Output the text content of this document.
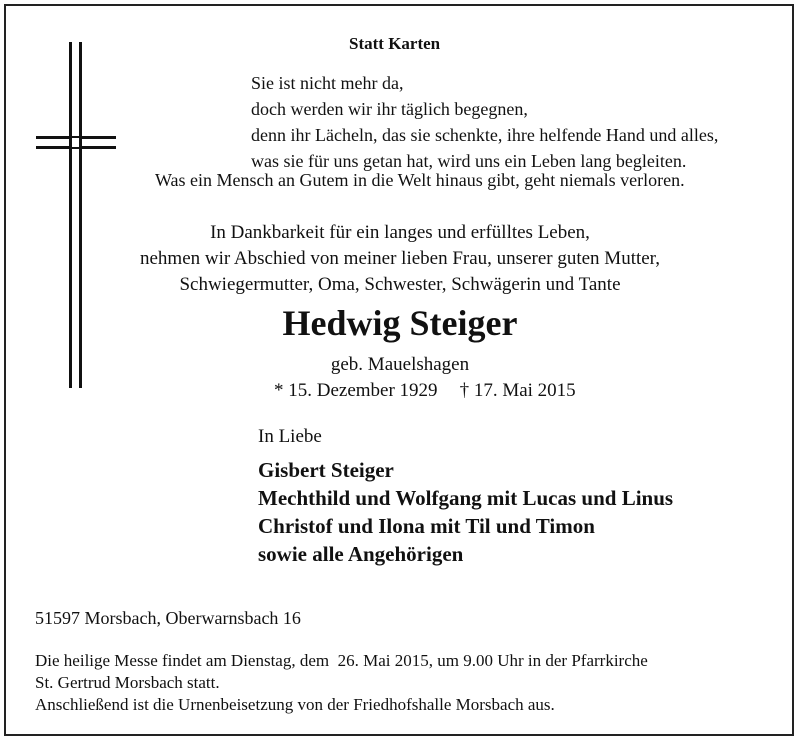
Statt Karten
Sie ist nicht mehr da,
doch werden wir ihr täglich begegnen,
denn ihr Lächeln, das sie schenkte, ihre helfende Hand und alles,
was sie für uns getan hat, wird uns ein Leben lang begleiten.
Was ein Mensch an Gutem in die Welt hinaus gibt, geht niemals verloren.
In Dankbarkeit für ein langes und erfülltes Leben,
nehmen wir Abschied von meiner lieben Frau, unserer guten Mutter,
Schwiegermutter, Oma, Schwester, Schwägerin und Tante
Hedwig Steiger
geb. Mauelshagen
* 15. Dezember 1929 † 17. Mai 2015
In Liebe
Gisbert Steiger
Mechthild und Wolfgang mit Lucas und Linus
Christof und Ilona mit Til und Timon
sowie alle Angehörigen
51597 Morsbach, Oberwarnsbach 16
Die heilige Messe findet am Dienstag, dem  26. Mai 2015, um 9.00 Uhr in der Pfarrkirche
St. Gertrud Morsbach statt.
Anschließend ist die Urnenbeisetzung von der Friedhofshalle Morsbach aus.
